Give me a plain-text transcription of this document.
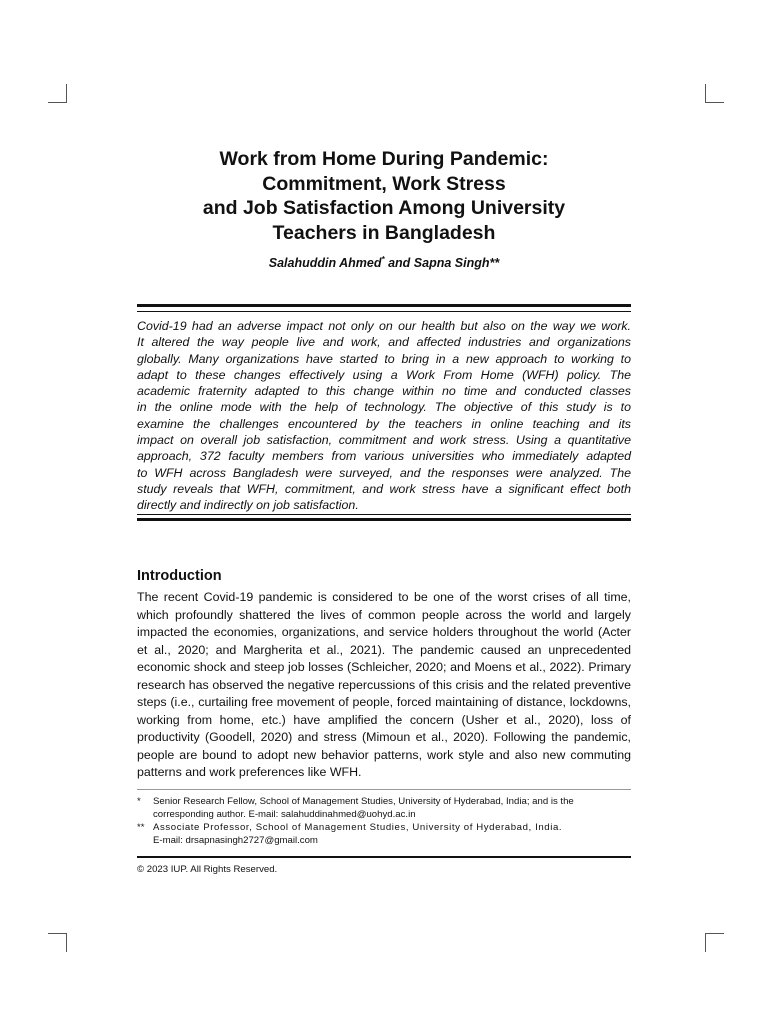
Work from Home During Pandemic:
Commitment, Work Stress
and Job Satisfaction Among University
Teachers in Bangladesh
Salahuddin Ahmed* and Sapna Singh**

Covid-19 had an adverse impact not only on our health but also on the way we work.
It altered the way people live and work, and affected industries and organizations
globally. Many organizations have started to bring in a new approach to working to
adapt to these changes effectively using a Work From Home (WFH) policy. The
academic fraternity adapted to this change within no time and conducted classes
in the online mode with the help of technology. The objective of this study is to
examine the challenges encountered by the teachers in online teaching and its
impact on overall job satisfaction, commitment and work stress. Using a quantitative
approach, 372 faculty members from various universities who immediately adapted
to WFH across Bangladesh were surveyed, and the responses were analyzed. The
study reveals that WFH, commitment, and work stress have a significant effect both
directly and indirectly on job satisfaction.

Introduction

The recent Covid-19 pandemic is considered to be one of the worst crises of all time,
which profoundly shattered the lives of common people across the world and largely
impacted the economies, organizations, and service holders throughout the world (Acter
et al., 2020; and Margherita et al., 2021). The pandemic caused an unprecedented
economic shock and steep job losses (Schleicher, 2020; and Moens et al., 2022). Primary
research has observed the negative repercussions of this crisis and the related preventive
steps (i.e., curtailing free movement of people, forced maintaining of distance, lockdowns,
working from home, etc.) have amplified the concern (Usher et al., 2020), loss of
productivity (Goodell, 2020) and stress (Mimoun et al., 2020). Following the pandemic,
people are bound to adopt new behavior patterns, work style and also new commuting
patterns and work preferences like WFH.

* Senior Research Fellow, School of Management Studies, University of Hyderabad, India; and is the
corresponding author. E-mail: salahuddinahmed@uohyd.ac.in
** Associate Professor, School of Management Studies, University of Hyderabad, India.
E-mail: drsapnasingh2727@gmail.com
© 2023 IUP. All Rights Reserved.
